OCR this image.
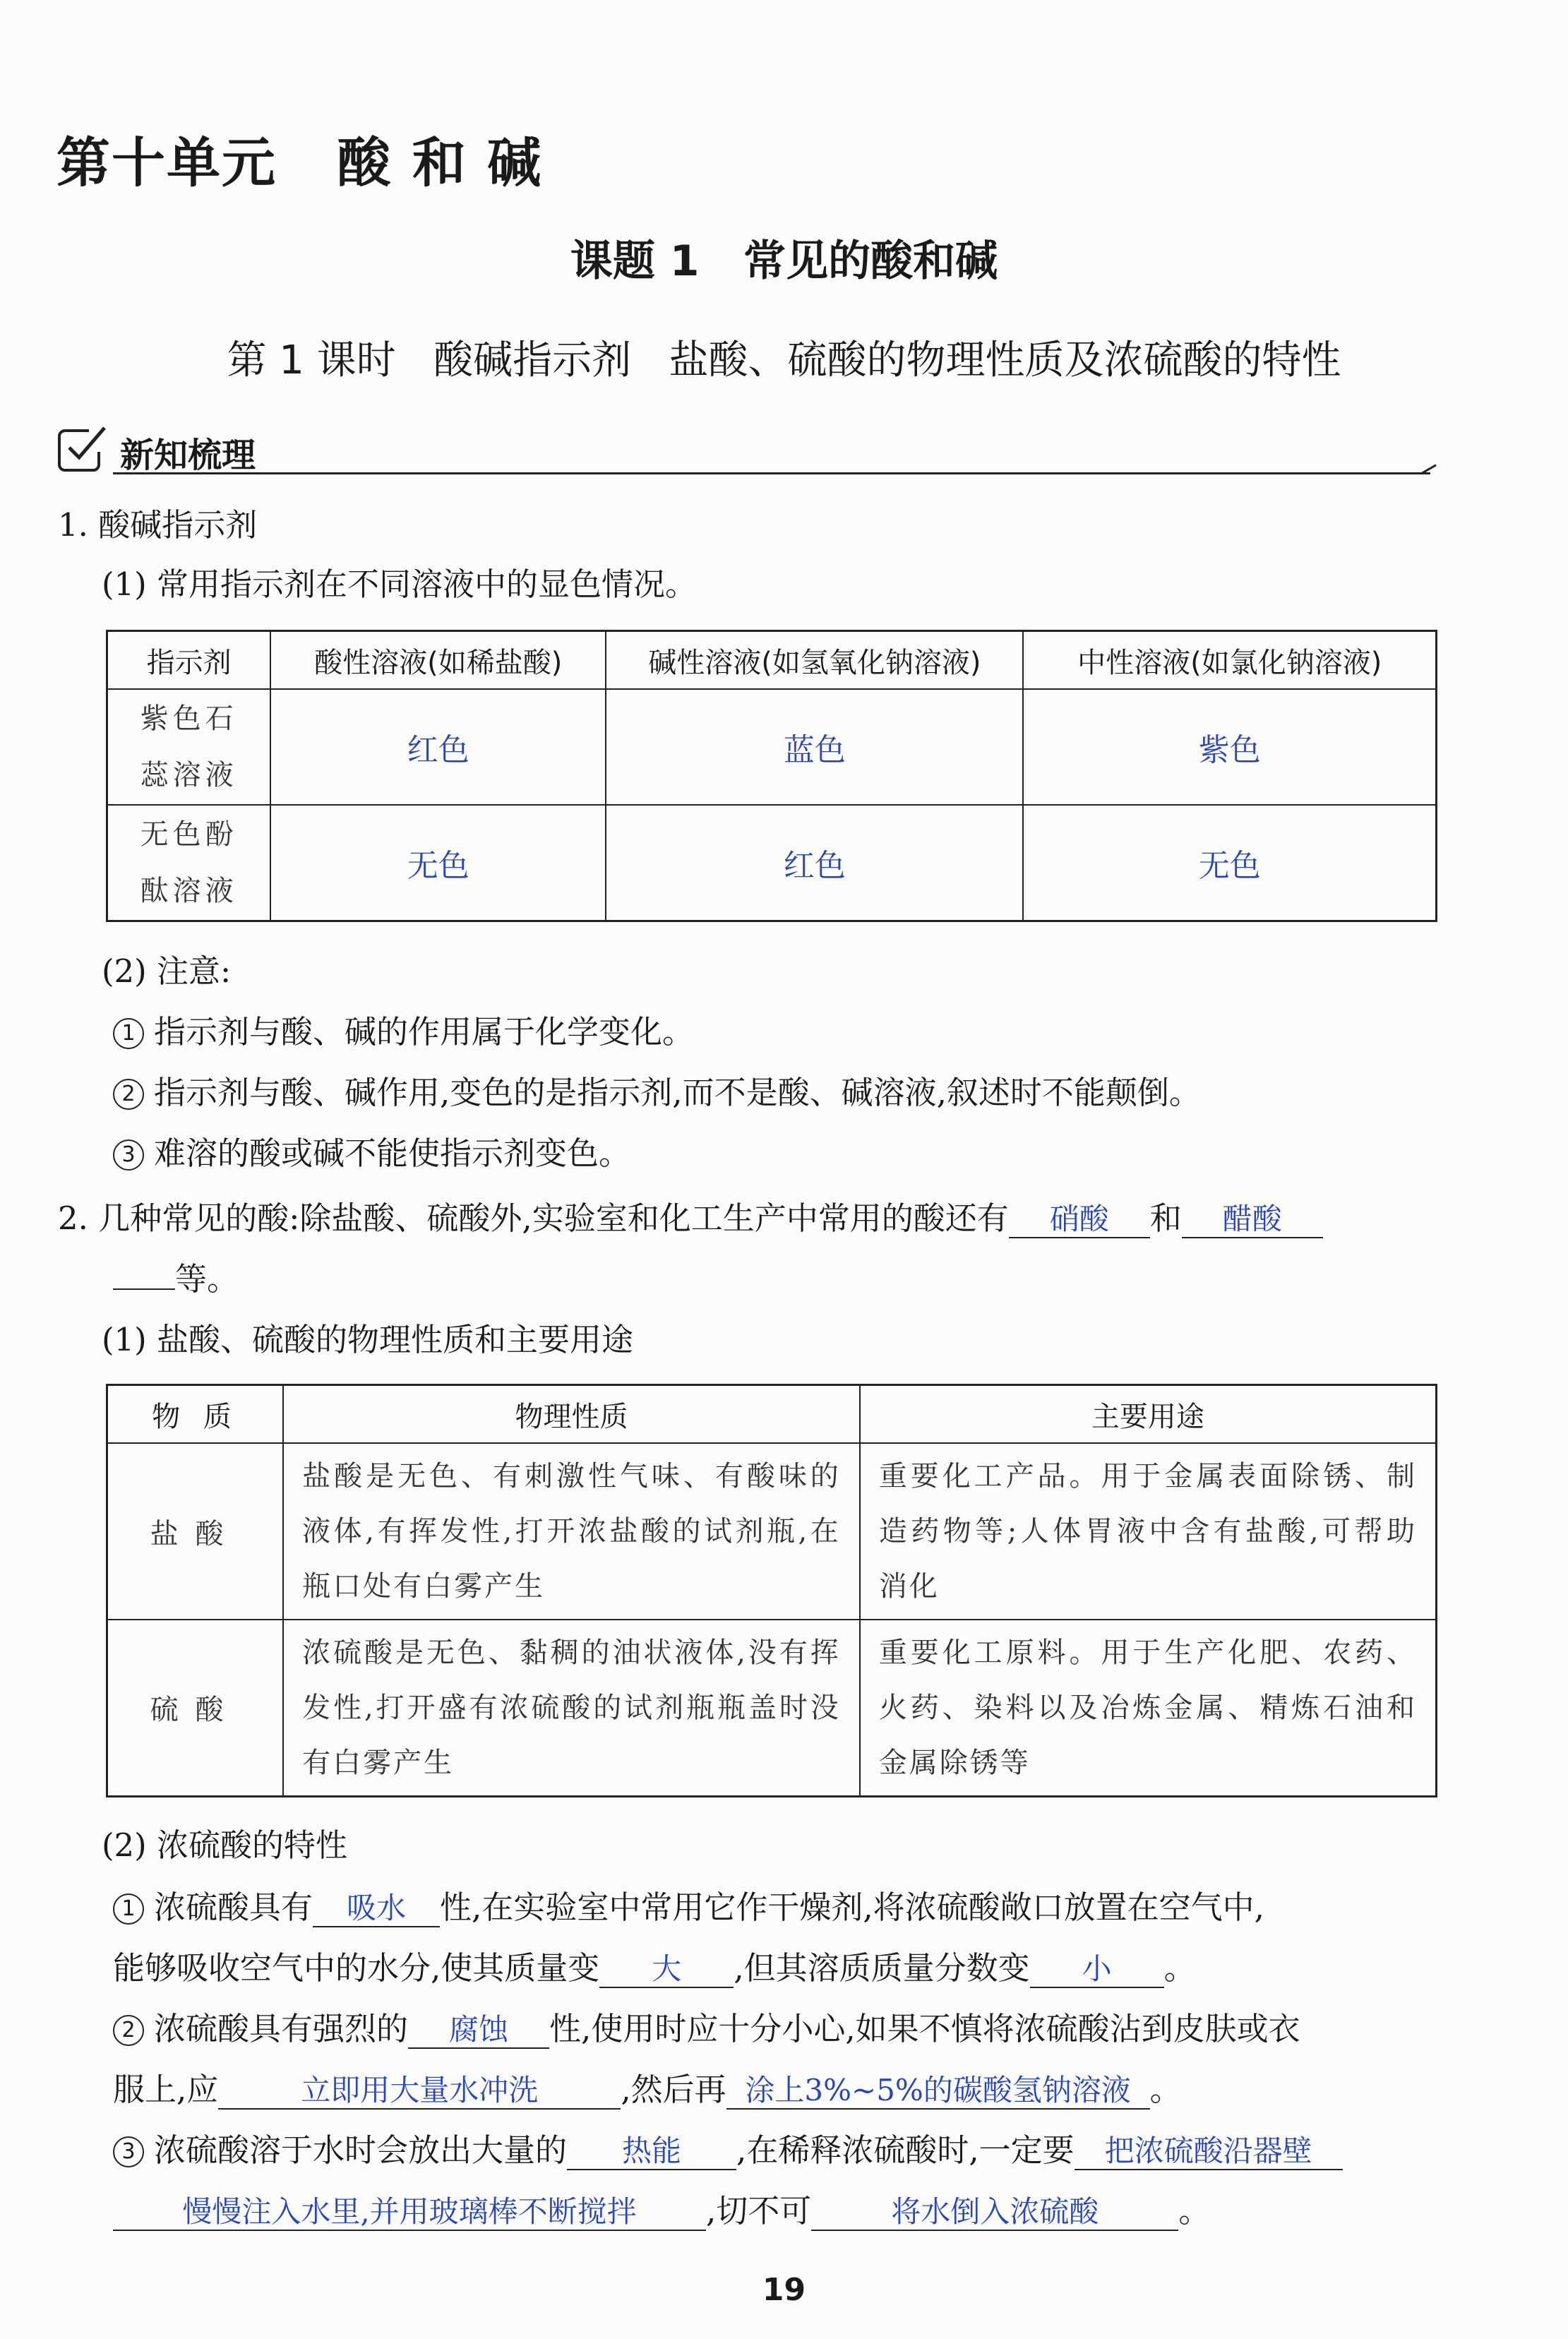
第十单元   酸 和 碱
课题 1   常见的酸和碱
第 1 课时   酸碱指示剂   盐酸、硫酸的物理性质及浓硫酸的特性
新知梳理
1. 酸碱指示剂
(1) 常用指示剂在不同溶液中的显色情况。
指示剂	酸性溶液(如稀盐酸)	碱性溶液(如氢氧化钠溶液)	中性溶液(如氯化钠溶液)

紫色石
蕊溶液	红色	蓝色	紫色

无色酚
酞溶液	无色	红色	无色
(2) 注意:
1 指示剂与酸、碱的作用属于化学变化。
2 指示剂与酸、碱作用,变色的是指示剂,而不是酸、碱溶液,叙述时不能颠倒。
3 难溶的酸或碱不能使指示剂变色。
2. 几种常见的酸:除盐酸、硫酸外,实验室和化工生产中常用的酸还有 硝酸 和 醋酸
等。
(1) 盐酸、硫酸的物理性质和主要用途
物 质	物理性质	主要用途
盐酸	盐酸是无色、有刺激性气味、有酸味的液体,有挥发性,打开浓盐酸的试剂瓶,在瓶口处有白雾产生	重要化工产品。用于金属表面除锈、制造药物等;人体胃液中含有盐酸,可帮助消化
硫酸	浓硫酸是无色、黏稠的油状液体,没有挥发性,打开盛有浓硫酸的试剂瓶瓶盖时没有白雾产生	重要化工原料。用于生产化肥、农药、火药、染料以及冶炼金属、精炼石油和金属除锈等
(2) 浓硫酸的特性
1 浓硫酸具有 吸水 性,在实验室中常用它作干燥剂,将浓硫酸敞口放置在空气中,
能够吸收空气中的水分,使其质量变 大 ,但其溶质质量分数变 小 。
2 浓硫酸具有强烈的 腐蚀 性,使用时应十分小心,如果不慎将浓硫酸沾到皮肤或衣
服上,应	立即用大量水冲洗	,然后再 涂上3%~5%的碳酸氢钠溶液 。
3 浓硫酸溶于水时会放出大量的 热能 ,在稀释浓硫酸时,一定要 把浓硫酸沿器壁
慢慢注入水里,并用玻璃棒不断搅拌 ,切不可	将水倒入浓硫酸	。
19
